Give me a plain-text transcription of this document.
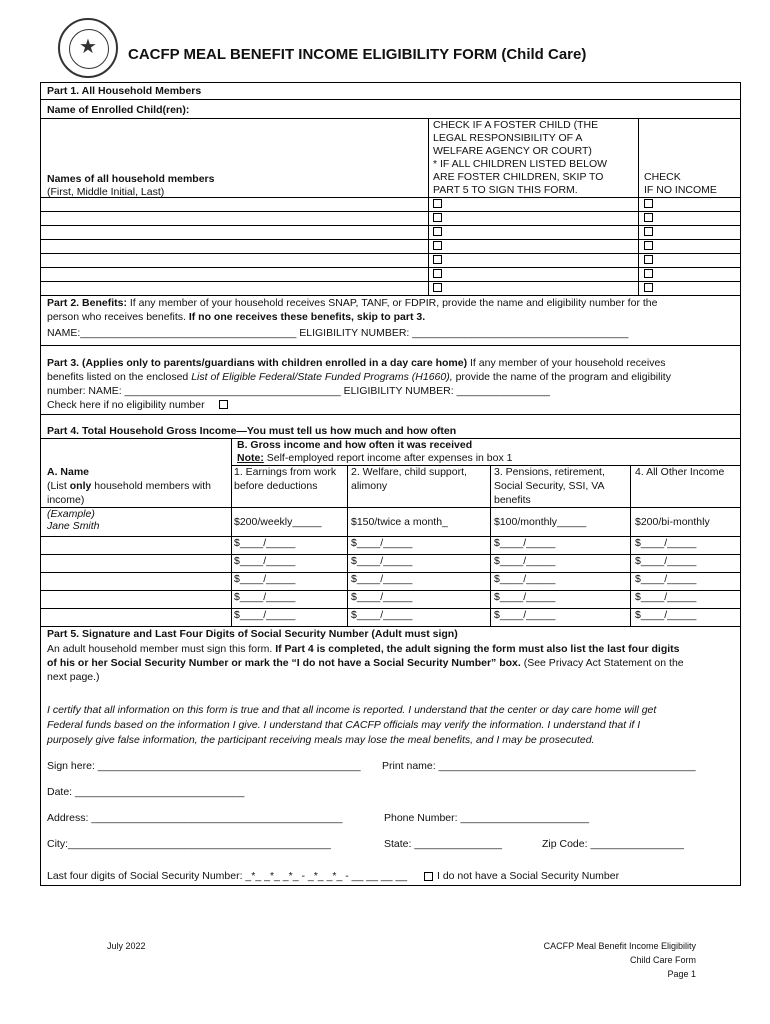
★	CACFP MEAL BENEFIT INCOME ELIGIBILITY FORM (Child Care)
Part 1. All Household Members
Name of Enrolled Child(ren):
Names of all household members
(First, Middle Initial, Last)
CHECK IF A FOSTER CHILD (THE
LEGAL RESPONSIBILITY OF A
WELFARE AGENCY OR COURT)
* IF ALL CHILDREN LISTED BELOW
ARE FOSTER CHILDREN, SKIP TO
PART 5 TO SIGN THIS FORM.
CHECK
IF NO INCOME
Part 2. Benefits: If any member of your household receives SNAP, TANF, or FDPIR, provide the name and eligibility number for the
person who receives benefits. If no one receives these benefits, skip to part 3.
NAME:_____________________________________ ELIGIBILITY NUMBER: _____________________________________
Part 3. (Applies only to parents/guardians with children enrolled in a day care home) If any member of your household receives
benefits listed on the enclosed List of Eligible Federal/State Funded Programs (H1660), provide the name of the program and eligibility
number: NAME: _____________________________________ ELIGIBILITY NUMBER: ________________
Check here if no eligibility number
Part 4. Total Household Gross Income—You must tell us how much and how often
B. Gross income and how often it was received
Note: Self-employed report income after expenses in box 1
A. Name
(List only household members with
income)
1. Earnings from work
before deductions
2. Welfare, child support,
alimony
3. Pensions, retirement,
Social Security, SSI, VA
benefits
4. All Other Income
(Example)
Jane Smith	$200/weekly_____	$150/twice a month_	$100/monthly_____	$200/bi-monthly
$____/_____	$____/_____	$____/_____	$____/_____
$____/_____	$____/_____	$____/_____	$____/_____
$____/_____	$____/_____	$____/_____	$____/_____
$____/_____	$____/_____	$____/_____	$____/_____
$____/_____	$____/_____	$____/_____	$____/_____
Part 5. Signature and Last Four Digits of Social Security Number (Adult must sign)
An adult household member must sign this form. If Part 4 is completed, the adult signing the form must also list the last four digits
of his or her Social Security Number or mark the “I do not have a Social Security Number” box. (See Privacy Act Statement on the
next page.)
I certify that all information on this form is true and that all income is reported. I understand that the center or day care home will get
Federal funds based on the information I give. I understand that CACFP officials may verify the information. I understand that if I
purposely give false information, the participant receiving meals may lose the meal benefits, and I may be prosecuted.
Sign here: _____________________________________________ Print name: ____________________________________________
Date: _____________________________
Address: ___________________________________________	Phone Number: ______________________
City:_____________________________________________	State: _______________	Zip Code: ________________
Last four digits of Social Security Number: _*_ _*_ _*_ - _*_ _*_ - __ __ __ __	I do not have a Social Security Number
July 2022	CACFP Meal Benefit Income Eligibility
Child Care Form
Page 1
